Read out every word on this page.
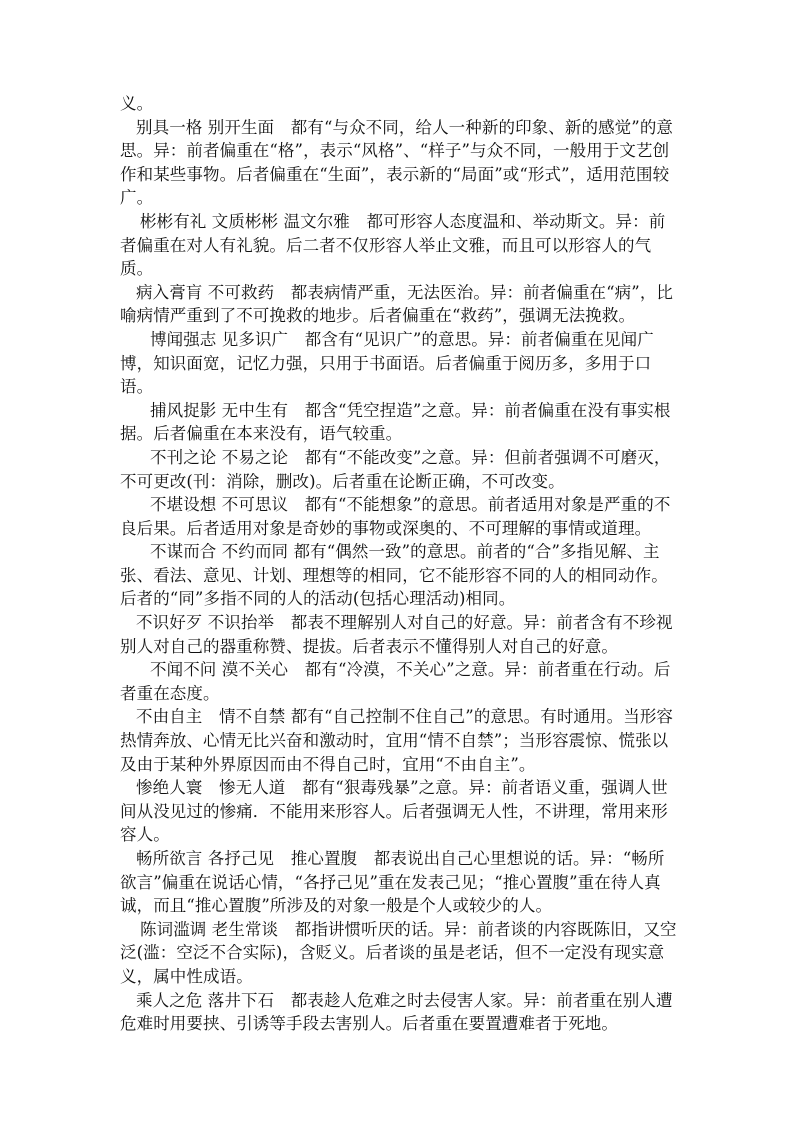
义。

别具一格 别开生面　都有“与众不同，给人一种新的印象、新的感觉”的意思。异：前者偏重在“格”，表示“风格”、“样子”与众不同，一般用于文艺创作和某些事物。后者偏重在“生面”，表示新的“局面”或“形式”，适用范围较广。

彬彬有礼 文质彬彬 温文尔雅　都可形容人态度温和、举动斯文。异：前者偏重在对人有礼貌。后二者不仅形容人举止文雅，而且可以形容人的气质。

病入膏肓 不可救药　都表病情严重，无法医治。异：前者偏重在“病”，比喻病情严重到了不可挽救的地步。后者偏重在“救药”，强调无法挽救。

博闻强志 见多识广　都含有“见识广”的意思。异：前者偏重在见闻广博，知识面宽，记忆力强，只用于书面语。后者偏重于阅历多，多用于口语。

捕风捉影 无中生有　都含“凭空捏造”之意。异：前者偏重在没有事实根据。后者偏重在本来没有，语气较重。

不刊之论 不易之论　都有“不能改变”之意。异：但前者强调不可磨灭，不可更改(刊：消除，删改)。后者重在论断正确，不可改变。

不堪设想 不可思议　都有“不能想象”的意思。前者适用对象是严重的不良后果。后者适用对象是奇妙的事物或深奥的、不可理解的事情或道理。

不谋而合 不约而同 都有“偶然一致”的意思。前者的“合”多指见解、主张、看法、意见、计划、理想等的相同，它不能形容不同的人的相同动作。后者的“同”多指不同的人的活动(包括心理活动)相同。

不识好歹 不识抬举　都表不理解别人对自己的好意。异：前者含有不珍视别人对自己的器重称赞、提拔。后者表示不懂得别人对自己的好意。

不闻不问 漠不关心　都有“冷漠，不关心”之意。异：前者重在行动。后者重在态度。

不由自主　情不自禁 都有“自己控制不住自己”的意思。有时通用。当形容热情奔放、心情无比兴奋和激动时，宜用“情不自禁”；当形容震惊、慌张以及由于某种外界原因而由不得自己时，宜用“不由自主”。

惨绝人寰　惨无人道　都有“狠毒残暴”之意。异：前者语义重，强调人世间从没见过的惨痛．不能用来形容人。后者强调无人性，不讲理，常用来形容人。

畅所欲言 各抒己见　推心置腹　都表说出自己心里想说的话。异：“畅所欲言”偏重在说话心情，“各抒己见”重在发表己见；“推心置腹”重在待人真诚，而且“推心置腹”所涉及的对象一般是个人或较少的人。

陈词滥调 老生常谈　都指讲惯听厌的话。异：前者谈的内容既陈旧，又空泛(滥：空泛不合实际)，含贬义。后者谈的虽是老话，但不一定没有现实意义，属中性成语。

乘人之危 落井下石　都表趁人危难之时去侵害人家。异：前者重在别人遭危难时用要挟、引诱等手段去害别人。后者重在要置遭难者于死地。
